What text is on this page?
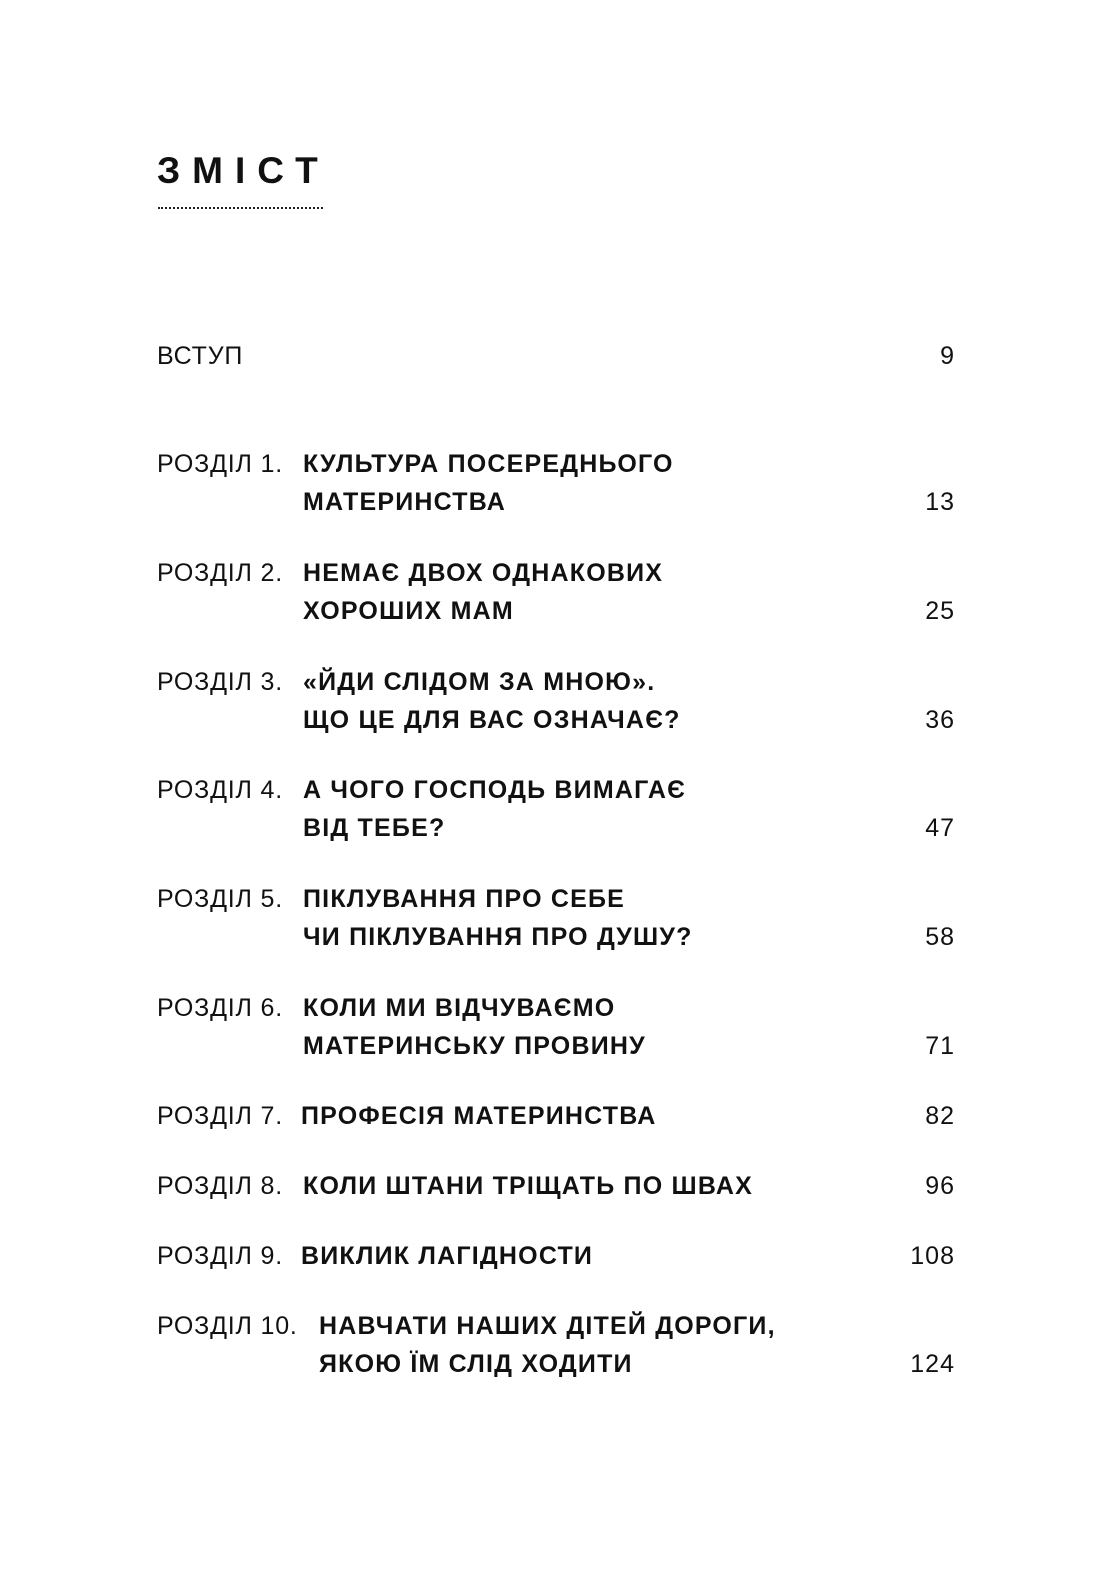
ЗМІСТ
ВСТУП	9
РОЗДІЛ 1. КУЛЬТУРА ПОСЕРЕДНЬОГО
МАТЕРИНСТВА	13
РОЗДІЛ 2. НЕМАЄ ДВОХ ОДНАКОВИХ
ХОРОШИХ МАМ	25
РОЗДІЛ 3. «ЙДИ СЛІДОМ ЗА МНОЮ».
ЩО ЦЕ ДЛЯ ВАС ОЗНАЧАЄ?	36
РОЗДІЛ 4. А ЧОГО ГОСПОДЬ ВИМАГАЄ
ВІД ТЕБЕ?	47
РОЗДІЛ 5. ПІКЛУВАННЯ ПРО СЕБЕ
ЧИ ПІКЛУВАННЯ ПРО ДУШУ?	58
РОЗДІЛ 6. КОЛИ МИ ВІДЧУВАЄМО
МАТЕРИНСЬКУ ПРОВИНУ	71
РОЗДІЛ 7. ПРОФЕСІЯ МАТЕРИНСТВА	82
РОЗДІЛ 8. КОЛИ ШТАНИ ТРІЩАТЬ ПО ШВАХ	96
РОЗДІЛ 9. ВИКЛИК ЛАГІДНОСТИ	108
РОЗДІЛ 10. НАВЧАТИ НАШИХ ДІТЕЙ ДОРОГИ,
ЯКОЮ ЇМ СЛІД ХОДИТИ	124
